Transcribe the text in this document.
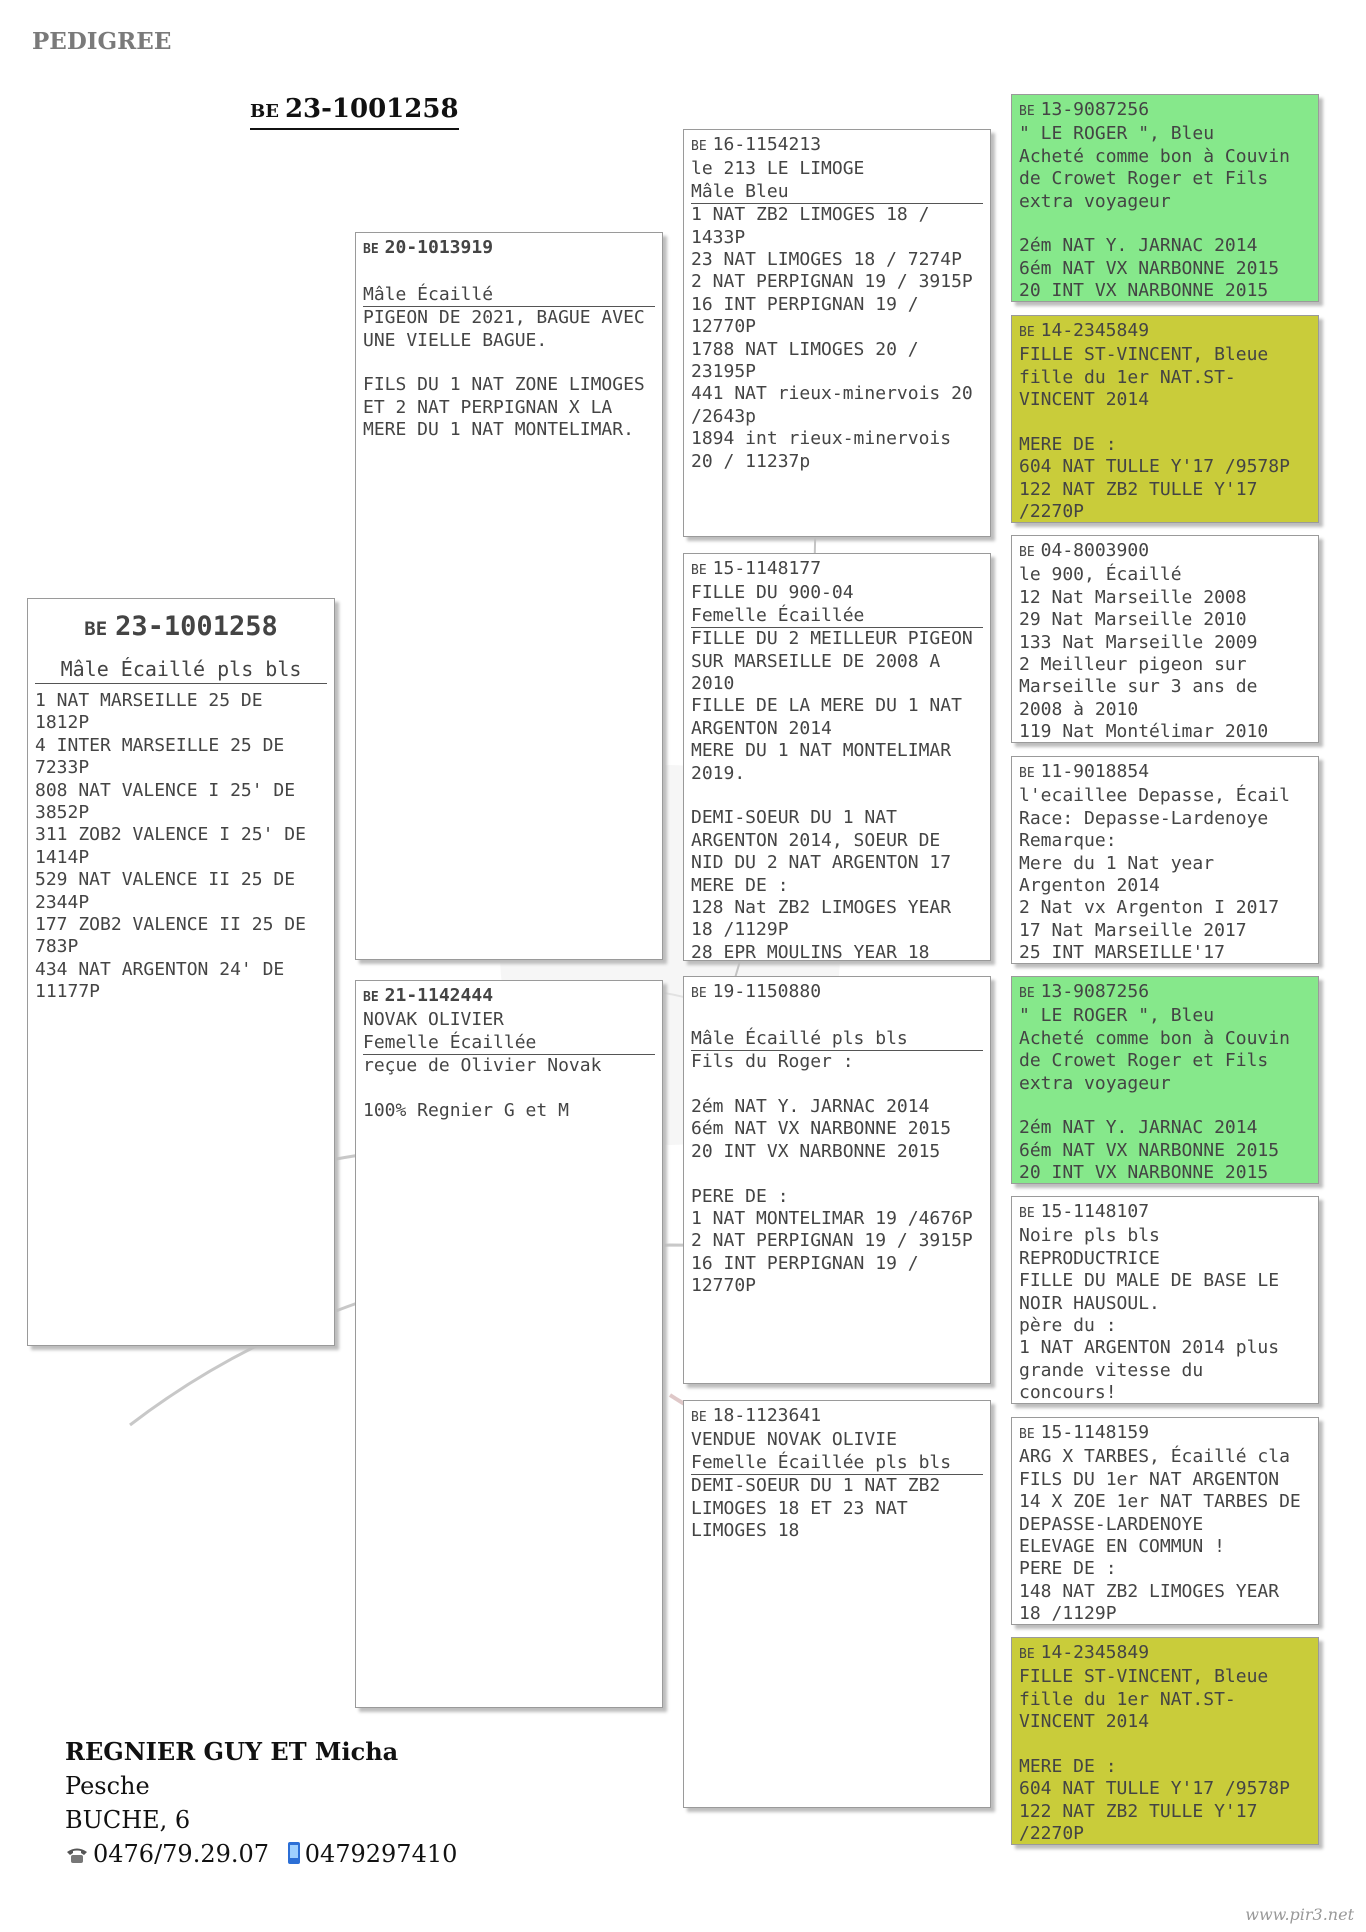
PEDIGREE
BE 23-1001258
BE 23-1001258
Mâle Écaillé pls bls
1 NAT MARSEILLE 25 DE
1812P
4 INTER MARSEILLE 25 DE
7233P
808 NAT VALENCE I 25' DE
3852P
311 ZOB2 VALENCE I 25' DE
1414P
529 NAT VALENCE II 25 DE
2344P
177 ZOB2 VALENCE II 25 DE
783P
434 NAT ARGENTON 24' DE
11177P
BE 20-1013919
Mâle Écaillé
PIGEON DE 2021, BAGUE AVEC
UNE VIELLE BAGUE.
FILS DU 1 NAT ZONE LIMOGES
ET 2 NAT PERPIGNAN X LA
MERE DU 1 NAT MONTELIMAR.
BE 21-1142444
NOVAK OLIVIER
Femelle Écaillée
reçue de Olivier Novak
100% Regnier G et M
BE 16-1154213
le 213 LE LIMOGE
Mâle Bleu
1 NAT ZB2 LIMOGES 18 /
1433P
23 NAT LIMOGES 18 / 7274P
2 NAT PERPIGNAN 19 / 3915P
16 INT PERPIGNAN 19 /
12770P
1788 NAT LIMOGES 20 /
23195P
441 NAT rieux-minervois 20
/2643p
1894 int rieux-minervois
20 / 11237p
BE 15-1148177
FILLE DU 900-04
Femelle Écaillée
FILLE DU 2 MEILLEUR PIGEON
SUR MARSEILLE DE 2008 A
2010
FILLE DE LA MERE DU 1 NAT
ARGENTON 2014
MERE DU 1 NAT MONTELIMAR
2019.
DEMI-SOEUR DU 1 NAT
ARGENTON 2014, SOEUR DE
NID DU 2 NAT ARGENTON 17
MERE DE :
128 Nat ZB2 LIMOGES YEAR
18 /1129P
28 EPR MOULINS YEAR 18
BE 19-1150880
Mâle Écaillé pls bls
Fils du Roger :
2ém NAT Y. JARNAC 2014
6ém NAT VX NARBONNE 2015
20 INT VX NARBONNE 2015
PERE DE :
1 NAT MONTELIMAR 19 /4676P
2 NAT PERPIGNAN 19 / 3915P
16 INT PERPIGNAN 19 /
12770P
BE 18-1123641
VENDUE NOVAK OLIVIE
Femelle Écaillée pls bls
DEMI-SOEUR DU 1 NAT ZB2
LIMOGES 18 ET 23 NAT
LIMOGES 18
BE 13-9087256
" LE ROGER ", Bleu
Acheté comme bon à Couvin
de Crowet Roger et Fils
extra voyageur
2ém NAT Y. JARNAC 2014
6ém NAT VX NARBONNE 2015
20 INT VX NARBONNE 2015
BE 14-2345849
FILLE ST-VINCENT, Bleue
fille du 1er NAT.ST-
VINCENT 2014
MERE DE :
604 NAT TULLE Y'17 /9578P
122 NAT ZB2 TULLE Y'17
/2270P
BE 04-8003900
le 900, Écaillé
12 Nat Marseille 2008
29 Nat Marseille 2010
133 Nat Marseille 2009
2 Meilleur pigeon sur
Marseille sur 3 ans de
2008 à 2010
119 Nat Montélimar 2010
BE 11-9018854
l'ecaillee Depasse, Écail
Race: Depasse-Lardenoye
Remarque:
Mere du 1 Nat year
Argenton 2014
2 Nat vx Argenton I 2017
17 Nat Marseille 2017
25 INT MARSEILLE'17
BE 13-9087256
" LE ROGER ", Bleu
Acheté comme bon à Couvin
de Crowet Roger et Fils
extra voyageur
2ém NAT Y. JARNAC 2014
6ém NAT VX NARBONNE 2015
20 INT VX NARBONNE 2015
BE 15-1148107
Noire pls bls
REPRODUCTRICE
FILLE DU MALE DE BASE LE
NOIR HAUSOUL.
père du :
1 NAT ARGENTON 2014 plus
grande vitesse du
concours!
BE 15-1148159
ARG X TARBES, Écaillé cla
FILS DU 1er NAT ARGENTON
14 X ZOE 1er NAT TARBES DE
DEPASSE-LARDENOYE
ELEVAGE EN COMMUN !
PERE DE :
148 NAT ZB2 LIMOGES YEAR
18 /1129P
BE 14-2345849
FILLE ST-VINCENT, Bleue
fille du 1er NAT.ST-
VINCENT 2014
MERE DE :
604 NAT TULLE Y'17 /9578P
122 NAT ZB2 TULLE Y'17
/2270P
REGNIER GUY ET Micha
Pesche
BUCHE, 6
0476/79.29.07 0479297410
www.pir3.net
